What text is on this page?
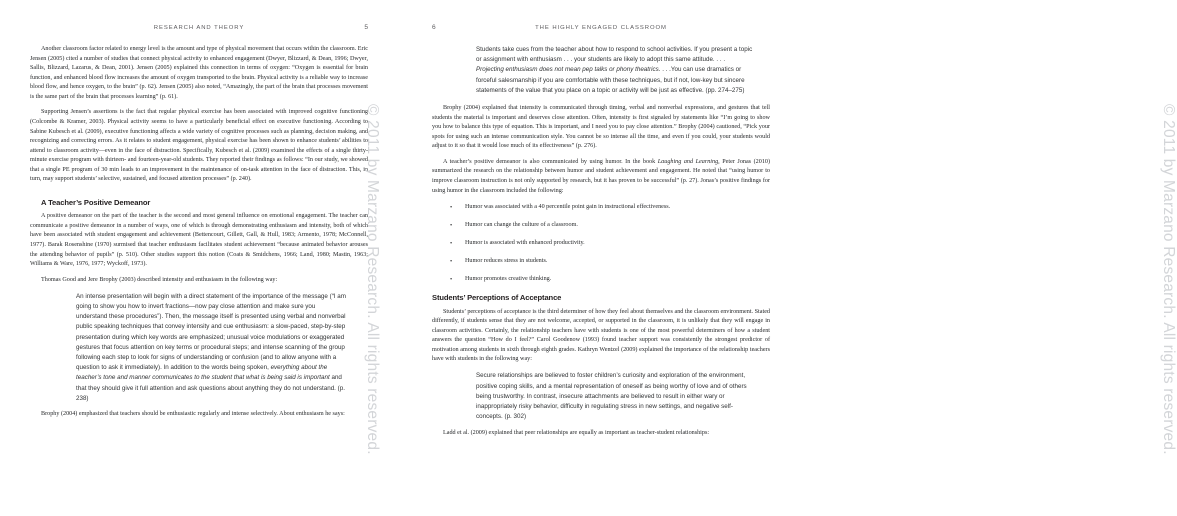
RESEARCH AND THEORY	5

Another classroom factor related to energy level is the amount and type of physical movement that occurs within the classroom. Eric Jensen (2005) cited a number of studies that connect physical activity to enhanced engagement (Dwyer, Blizzard, & Dean, 1996; Dwyer, Sallis, Blizzard, Lazarus, & Dean, 2001). Jensen (2005) explained this connection in terms of oxygen: “Oxygen is essential for brain function, and enhanced blood flow increases the amount of oxygen transported to the brain. Physical activity is a reliable way to increase blood flow, and hence oxygen, to the brain” (p. 62). Jensen (2005) also noted, “Amazingly, the part of the brain that processes movement is the same part of the brain that processes learning” (p. 61).

Supporting Jensen’s assertions is the fact that regular physical exercise has been associated with improved cognitive functioning (Colcombe & Kramer, 2003). Physical activity seems to have a particularly beneficial effect on executive functioning. According to Sabine Kubesch et al. (2009), executive functioning affects a wide variety of cognitive processes such as planning, decision making, and recognizing and correcting errors. As it relates to student engagement, physical exercise has been shown to enhance students’ abilities to attend to classroom activity—even in the face of distraction. Specifically, Kubesch et al. (2009) examined the effects of a single thirty-minute exercise program with thirteen- and fourteen-year-old students. They reported their findings as follows: “In our study, we showed that a single PE program of 30 min leads to an improvement in the maintenance of on-task attention in the face of distraction. This, in turn, may support students’ selective, sustained, and focused attention processes” (p. 240).

A Teacher’s Positive Demeanor

A positive demeanor on the part of the teacher is the second and most general influence on emotional engagement. The teacher can communicate a positive demeanor in a number of ways, one of which is through demonstrating enthusiasm and intensity, both of which have been associated with student engagement and achievement (Bettencourt, Gillett, Gall, & Hull, 1983; Armento, 1978; McConnell, 1977). Barak Rosenshine (1970) surmised that teacher enthusiasm facilitates student achievement “because animated behavior arouses the attending behavior of pupils” (p. 510). Other studies support this notion (Coats & Smidchens, 1966; Land, 1980; Mastin, 1963; Williams & Ware, 1976, 1977; Wyckoff, 1973).

Thomas Good and Jere Brophy (2003) described intensity and enthusiasm in the following way:

An intense presentation will begin with a direct statement of the importance of the message (“I am going to show you how to invert fractions—now pay close attention and make sure you understand these procedures”). Then, the message itself is presented using verbal and nonverbal public speaking techniques that convey intensity and cue enthusiasm: a slow-paced, step-by-step presentation during which key words are emphasized; unusual voice modulations or exaggerated gestures that focus attention on key terms or procedural steps; and intense scanning of the group following each step to look for signs of understanding or confusion (and to allow anyone with a question to ask it immediately). In addition to the words being spoken, everything about the teacher’s tone and manner communicates to the student that what is being said is important and that they should give it full attention and ask questions about anything they do not understand. (p. 238)

Brophy (2004) emphasized that teachers should be enthusiastic regularly and intense selectively. About enthusiasm he says:	© 2011 by Marzano Research. All rights reserved.
6	THE HIGHLY ENGAGED CLASSROOM
Students take cues from the teacher about how to respond to school activities. If you present a topic or assignment with enthusiasm . . . your students are likely to adopt this same attitude. . . . Projecting enthusiasm does not mean pep talks or phony theatrics. . . .You can use dramatics or forceful salesmanship if you are comfortable with these techniques, but if not, low-key but sincere statements of the value that you place on a topic or activity will be just as effective. (pp. 274–275)

Brophy (2004) explained that intensity is communicated through timing, verbal and nonverbal expressions, and gestures that tell students the material is important and deserves close attention. Often, intensity is first signaled by statements like “I’m going to show you how to balance this type of equation. This is important, and I need you to pay close attention.” Brophy (2004) cautioned, “Pick your spots for using such an intense communication style. You cannot be so intense all the time, and even if you could, your students would adjust to it so that it would lose much of its effectiveness” (p. 276).

A teacher’s positive demeanor is also communicated by using humor. In the book Laughing and Learning, Peter Jonas (2010) summarized the research on the relationship between humor and student achievement and engagement. He noted that “using humor to improve classroom instruction is not only supported by research, but it has proven to be successful” (p. 27). Jonas’s positive findings for using humor in the classroom included the following:

• Humor was associated with a 40 percentile point gain in instructional effectiveness.
• Humor can change the culture of a classroom.
• Humor is associated with enhanced productivity.
• Humor reduces stress in students.
• Humor promotes creative thinking.
Students’ Perceptions of Acceptance

Students’ perceptions of acceptance is the third determiner of how they feel about themselves and the classroom environment. Stated differently, if students sense that they are not welcome, accepted, or supported in the classroom, it is unlikely that they will engage in classroom activities. Certainly, the relationship teachers have with students is one of the most powerful determiners of how a student answers the question “How do I feel?” Carol Goodenow (1993) found teacher support was consistently the strongest predictor of motivation among students in sixth through eighth grades. Kathryn Wentzel (2009) explained the importance of the relationship teachers have with students in the following way:

Secure relationships are believed to foster children’s curiosity and exploration of the environment, positive coping skills, and a mental representation of oneself as being worthy of love and of others being trustworthy. In contrast, insecure attachments are believed to result in either wary or inappropriately risky behavior, difficulty in regulating stress in new settings, and negative self-concepts. (p. 302)

Ladd et al. (2009) explained that peer relationships are equally as important as teacher-student relationships:	© 2011 by Marzano Research. All rights reserved.
